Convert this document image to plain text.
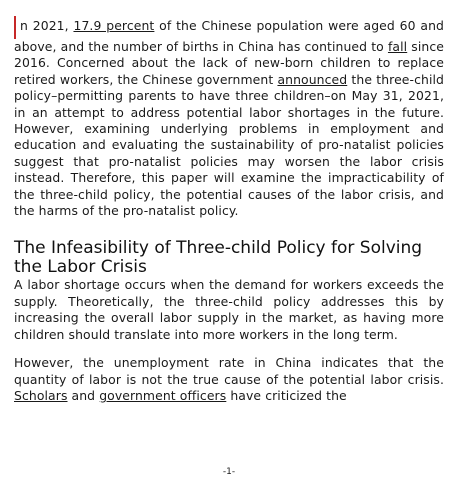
n 2021, 17.9 percent of the Chinese population were aged 60 and above, and the number of births in China has continued to fall since 2016. Concerned about the lack of new-born children to replace retired workers, the Chinese government announced the three-child policy–permitting parents to have three children–on May 31, 2021, in an attempt to address potential labor shortages in the future. However, examining underlying problems in employment and education and evaluating the sustainability of pro-natalist policies suggest that pro-natalist policies may worsen the labor crisis instead. Therefore, this paper will examine the impracticability of the three-child policy, the potential causes of the labor crisis, and the harms of the pro-natalist policy.

The Infeasibility of Three-child Policy for Solving the Labor Crisis

A labor shortage occurs when the demand for workers exceeds the supply. Theoretically, the three-child policy addresses this by increasing the overall labor supply in the market, as having more children should translate into more workers in the long term.

However, the unemployment rate in China indicates that the quantity of labor is not the true cause of the potential labor crisis. Scholars and government officers have criticized the

-1-
